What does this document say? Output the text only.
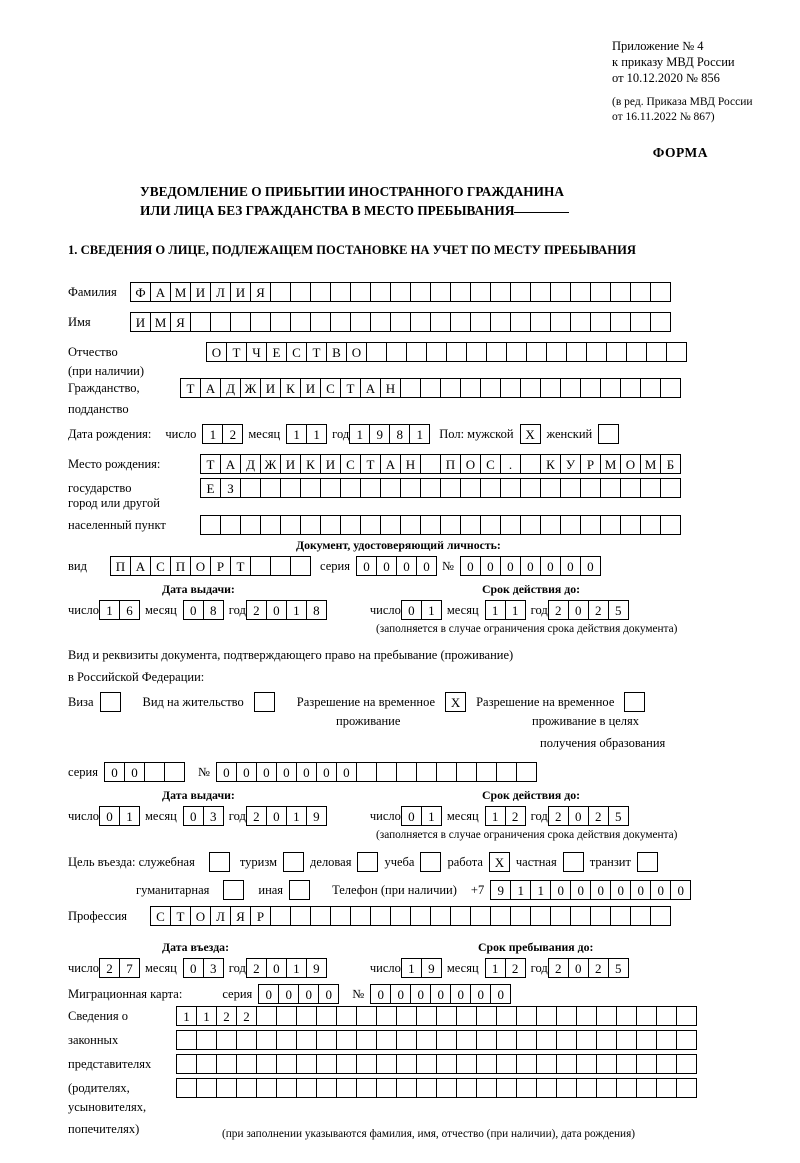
Приложение № 4
к приказу МВД России
от 10.12.2020 № 856
(в ред. Приказа МВД России
от 16.11.2022 № 867)
ФОРМА
УВЕДОМЛЕНИЕ О ПРИБЫТИИ ИНОСТРАННОГО ГРАЖДАНИНА
ИЛИ ЛИЦА БЕЗ ГРАЖДАНСТВА В МЕСТО ПРЕБЫВАНИЯ
1. СВЕДЕНИЯ О ЛИЦЕ, ПОДЛЕЖАЩЕМ ПОСТАНОВКЕ НА УЧЕТ ПО МЕСТУ ПРЕБЫВАНИЯ
Фамилия	Ф А М И Л И Я
Имя	И М Я
Отчество	О Т Ч Е С Т В О
(при наличии)
Гражданство,	Т А Д Ж И К И С Т А Н
подданство
Дата рождения: число	1	2 месяц	1	1 год 1	9	8	1	Пол: мужской Х женский
Место рождения:	Т А Д Ж И К И С Т А Н	П О С	.	К У Р М О М Б
государство	Е З
город или другой
населенный пункт
Документ, удостоверяющий личность:
вид	П А С П О Р Т	серия	0	0	0	0 №	0	0	0	0	0	0	0
Дата выдачи:	Срок действия до:
число 1	6 месяц	0	8 год 2	0	1	8	число 0	1 месяц	1	1 год 2	0	2	5
(заполняется в случае ограничения срока действия документа)
Вид и реквизиты документа, подтверждающего право на пребывание (проживание)
в Российской Федерации:
Виза	Вид на жительство	Разрешение на временное	Х	Разрешение на временное
проживание	проживание в целях
получения образования
серия	0	0	№	0	0	0	0	0	0	0
Дата выдачи:	Срок действия до:
число 0	1 месяц	0	3 год 2	0	1	9	число 0	1 месяц	1	2 год 2	0	2	5
(заполняется в случае ограничения срока действия документа)
Цель въезда: служебная	туризм	деловая	учеба	работа Х частная	транзит
гуманитарная	иная	Телефон (при наличии) +7	9	1	1	0	0	0	0	0	0	0
Профессия	С Т О Л Я Р
Дата въезда:	Срок пребывания до:
число 2	7 месяц	0	3 год 2	0	1	9	число 1	9 месяц	1	2 год 2	0	2	5
Миграционная карта:	серия	0	0	0	0	№	0	0	0	0	0	0	0
Сведения о	1	1	2	2
законных
представителях
(родителях,
усыновителях,
попечителях)	(при заполнении указываются фамилия, имя, отчество (при наличии), дата рождения)
